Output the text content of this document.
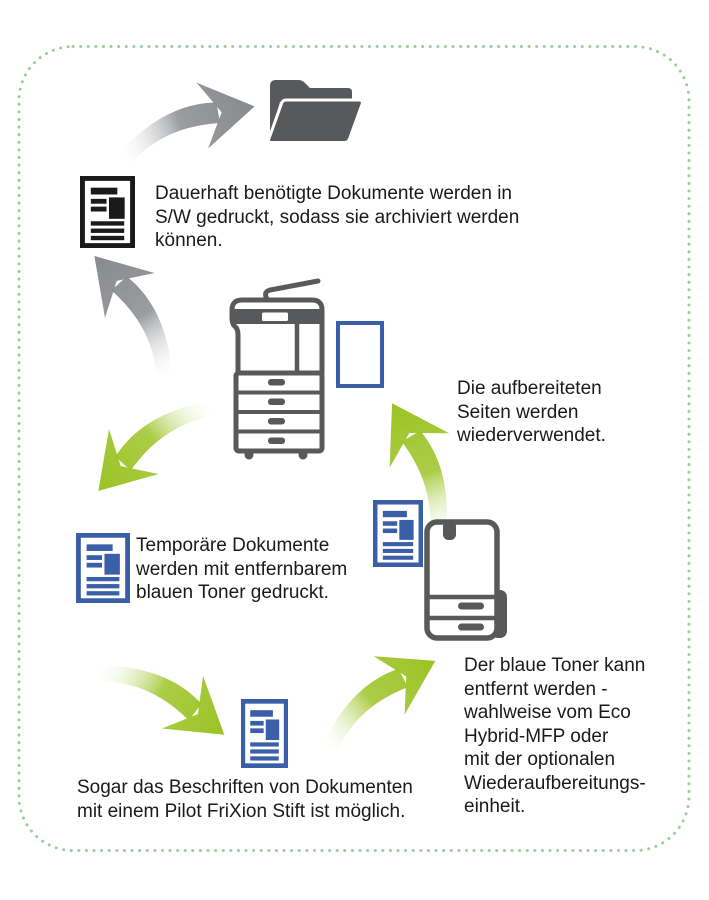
Dauerhaft benötigte Dokumente werden in
S/W gedruckt, sodass sie archiviert werden
können.
Die aufbereiteten
Seiten werden
wiederverwendet.
Temporäre Dokumente
werden mit entfernbarem
blauen Toner gedruckt.
Der blaue Toner kann
entfernt werden -
wahlweise vom Eco
Hybrid-MFP oder
mit der optionalen
Wiederaufbereitungs-
einheit.
Sogar das Beschriften von Dokumenten
mit einem Pilot FriXion Stift ist möglich.
